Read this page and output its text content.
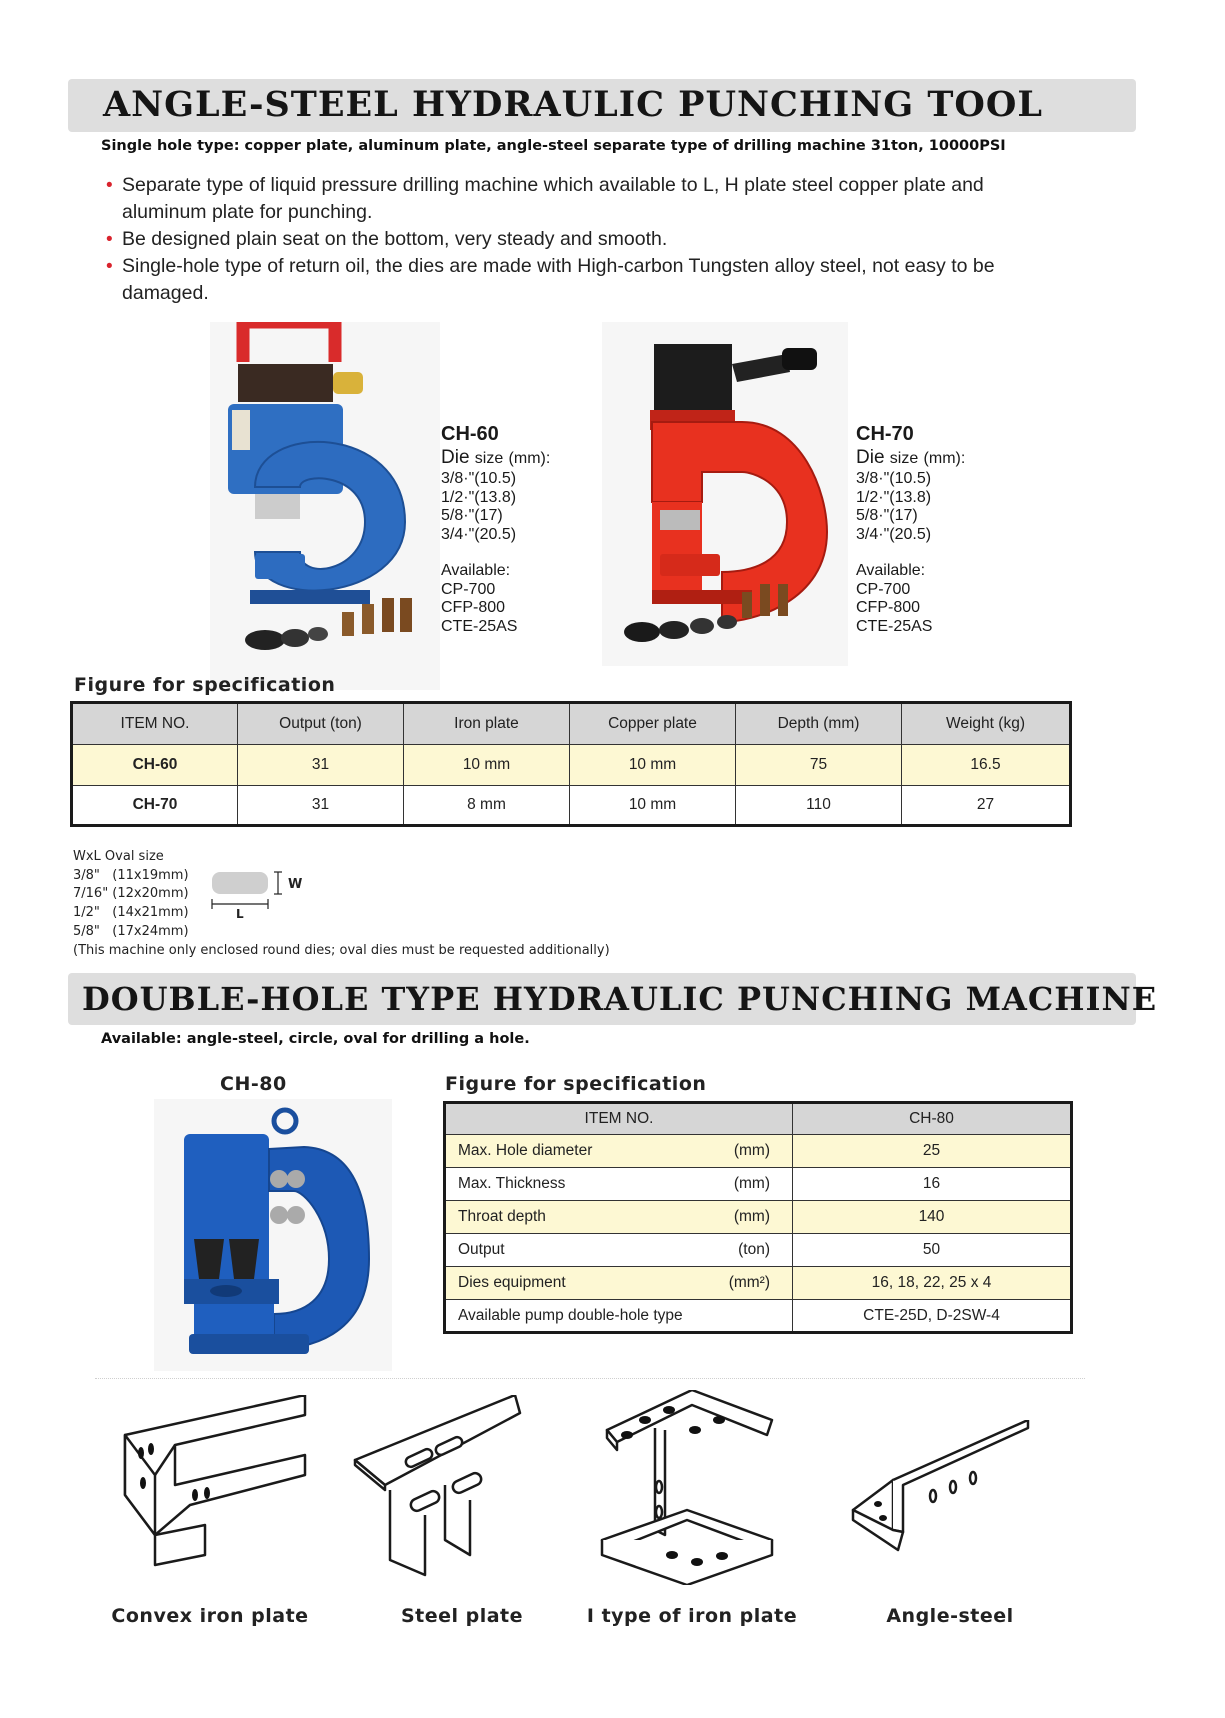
ANGLE-STEEL HYDRAULIC PUNCHING TOOL
Single hole type: copper plate, aluminum plate, angle-steel separate type of drilling machine 31ton, 10000PSI
• Separate type of liquid pressure drilling machine which available to L, H plate steel copper plate and aluminum plate for punching.
• Be designed plain seat on the bottom, very steady and smooth.
• Single-hole type of return oil, the dies are made with High-carbon Tungsten alloy steel, not easy to be damaged.
CH-60
Die size (mm):
3/8·"(10.5)
1/2·"(13.8)
5/8·"(17)
3/4·"(20.5)
Available:
CP-700
CFP-800
CTE-25AS
CH-70
Die size (mm):
3/8·"(10.5)
1/2·"(13.8)
5/8·"(17)
3/4·"(20.5)
Available:
CP-700
CFP-800
CTE-25AS
Figure for specification
ITEM NO.	Output (ton)	Iron plate	Copper plate	Depth (mm)	Weight (kg)
CH-60	31	10 mm	10 mm	75	16.5
CH-70	31	8 mm	10 mm	110	27
WxL Oval size
3/8"   (11x19mm)
7/16" (12x20mm)
1/2"   (14x21mm)
5/8"   (17x24mm)
(This machine only enclosed round dies; oval dies must be requested additionally)
W
L
DOUBLE-HOLE TYPE HYDRAULIC PUNCHING MACHINE
Available: angle-steel, circle, oval for drilling a hole.
CH-80	Figure for specification
ITEM NO.	CH-80
Max. Hole diameter (mm)	25
Max. Thickness (mm)	16
Throat depth (mm)	140
Output (ton)	50
Dies equipment (mm²)	16, 18, 22, 25 x 4
Available pump double-hole type	CTE-25D, D-2SW-4
Convex iron plate	Steel plate	I type of iron plate	Angle-steel
